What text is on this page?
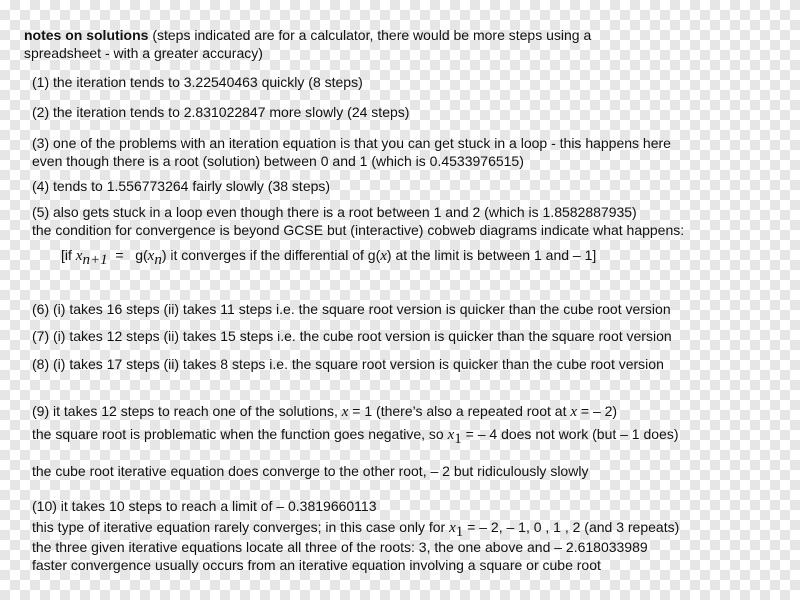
notes on solutions (steps indicated are for a calculator, there would be more steps using a
spreadsheet - with a greater accuracy)
(1) the iteration tends to 3.22540463 quickly (8 steps)
(2) the iteration tends to 2.831022847 more slowly (24 steps)
(3) one of the problems with an iteration equation is that you can get stuck in a loop - this happens here
even though there is a root (solution) between 0 and 1 (which is 0.4533976515)
(4) tends to 1.556773264 fairly slowly (38 steps)
(5) also gets stuck in a loop even though there is a root between 1 and 2 (which is 1.8582887935)
the condition for convergence is beyond GCSE but (interactive) cobweb diagrams indicate what happens:
[if $x_{n+1} = g(x_n)$ it converges if the differential of g(x) at the limit is between 1 and – 1]
(6) (i) takes 16 steps (ii) takes 11 steps i.e. the square root version is quicker than the cube root version
(7) (i) takes 12 steps (ii) takes 15 steps i.e. the cube root version is quicker than the square root version
(8) (i) takes 17 steps (ii) takes 8 steps i.e. the square root version is quicker than the cube root version
(9) it takes 12 steps to reach one of the solutions, x = 1 (there’s also a repeated root at x = – 2)
the square root is problematic when the function goes negative, so $x_1$ = – 4 does not work (but – 1 does)
the cube root iterative equation does converge to the other root, – 2 but ridiculously slowly
(10) it takes 10 steps to reach a limit of – 0.3819660113
this type of iterative equation rarely converges; in this case only for $x_1$ = – 2, – 1, 0 , 1 , 2 (and 3 repeats)
the three given iterative equations locate all three of the roots: 3, the one above and – 2.618033989
faster convergence usually occurs from an iterative equation involving a square or cube root
